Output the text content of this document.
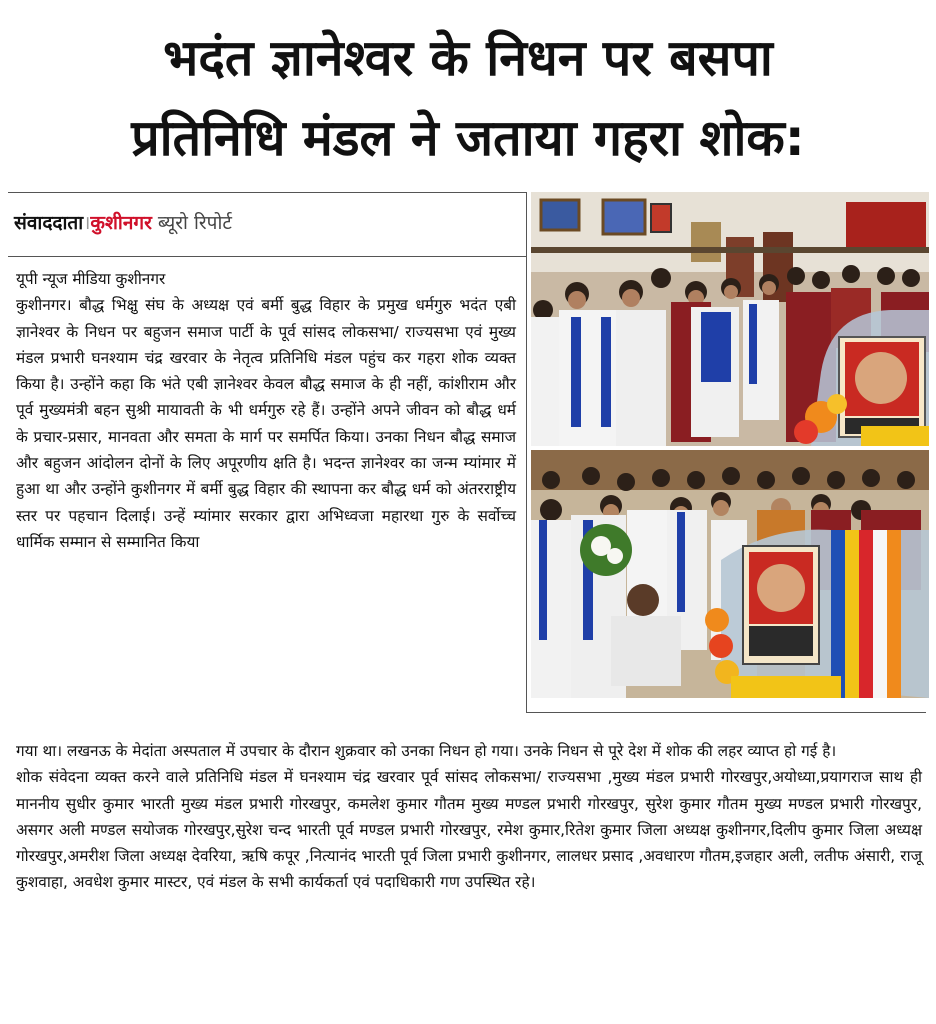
भदंत ज्ञानेश्वर के निधन पर बसपा
प्रतिनिधि मंडल ने जताया गहरा शोक:
संवाददाता।कुशीनगर ब्यूरो रिपोर्ट
यूपी न्यूज मीडिया कुशीनगर
कुशीनगर। बौद्ध भिक्षु संघ के अध्यक्ष एवं बर्मी बुद्ध विहार के प्रमुख धर्मगुरु भदंत एबी ज्ञानेश्वर के निधन पर बहुजन समाज पार्टी के पूर्व सांसद लोकसभा/ राज्यसभा एवं मुख्य मंडल प्रभारी घनश्याम चंद्र खरवार के नेतृत्व प्रतिनिधि मंडल पहुंच कर गहरा शोक व्यक्त किया है। उन्होंने कहा कि भंते एबी ज्ञानेश्वर केवल बौद्ध समाज के ही नहीं, कांशीराम और पूर्व मुख्यमंत्री बहन सुश्री मायावती के भी धर्मगुरु रहे हैं। उन्होंने अपने जीवन को बौद्ध धर्म के प्रचार-प्रसार, मानवता और समता के मार्ग पर समर्पित किया। उनका निधन बौद्ध समाज और बहुजन आंदोलन दोनों के लिए अपूरणीय क्षति है। भदन्त ज्ञानेश्वर का जन्म म्यांमार में हुआ था और उन्होंने कुशीनगर में बर्मी बुद्ध विहार की स्थापना कर बौद्ध धर्म को अंतरराष्ट्रीय स्तर पर पहचान दिलाई। उन्हें म्यांमार सरकार द्वारा अभिध्वजा महारथा गुरु के सर्वोच्च धार्मिक सम्मान से सम्मानित किया
गया था। लखनऊ के मेदांता अस्पताल में उपचार के दौरान शुक्रवार को उनका निधन हो गया। उनके निधन से पूरे देश में शोक की लहर व्याप्त हो गई है।
शोक संवेदना व्यक्त करने वाले प्रतिनिधि मंडल में घनश्याम चंद्र खरवार पूर्व सांसद लोकसभा/ राज्यसभा ,मुख्य मंडल प्रभारी गोरखपुर,अयोध्या,प्रयागराज साथ ही माननीय सुधीर कुमार भारती मुख्य मंडल प्रभारी गोरखपुर, कमलेश कुमार गौतम मुख्य मण्डल प्रभारी गोरखपुर, सुरेश कुमार गौतम मुख्य मण्डल प्रभारी गोरखपुर, असगर अली मण्डल सयोजक गोरखपुर,सुरेश चन्द भारती पूर्व मण्डल प्रभारी गोरखपुर, रमेश कुमार,रितेश कुमार जिला अध्यक्ष कुशीनगर,दिलीप कुमार जिला अध्यक्ष गोरखपुर,अमरीश जिला अध्यक्ष देवरिया, ऋषि कपूर ,नित्यानंद भारती पूर्व जिला प्रभारी कुशीनगर, लालधर प्रसाद ,अवधारण गौतम,इजहार अली, लतीफ अंसारी, राजू कुशवाहा, अवधेश कुमार मास्टर, एवं मंडल के सभी कार्यकर्ता एवं पदाधिकारी गण उपस्थित रहे।
